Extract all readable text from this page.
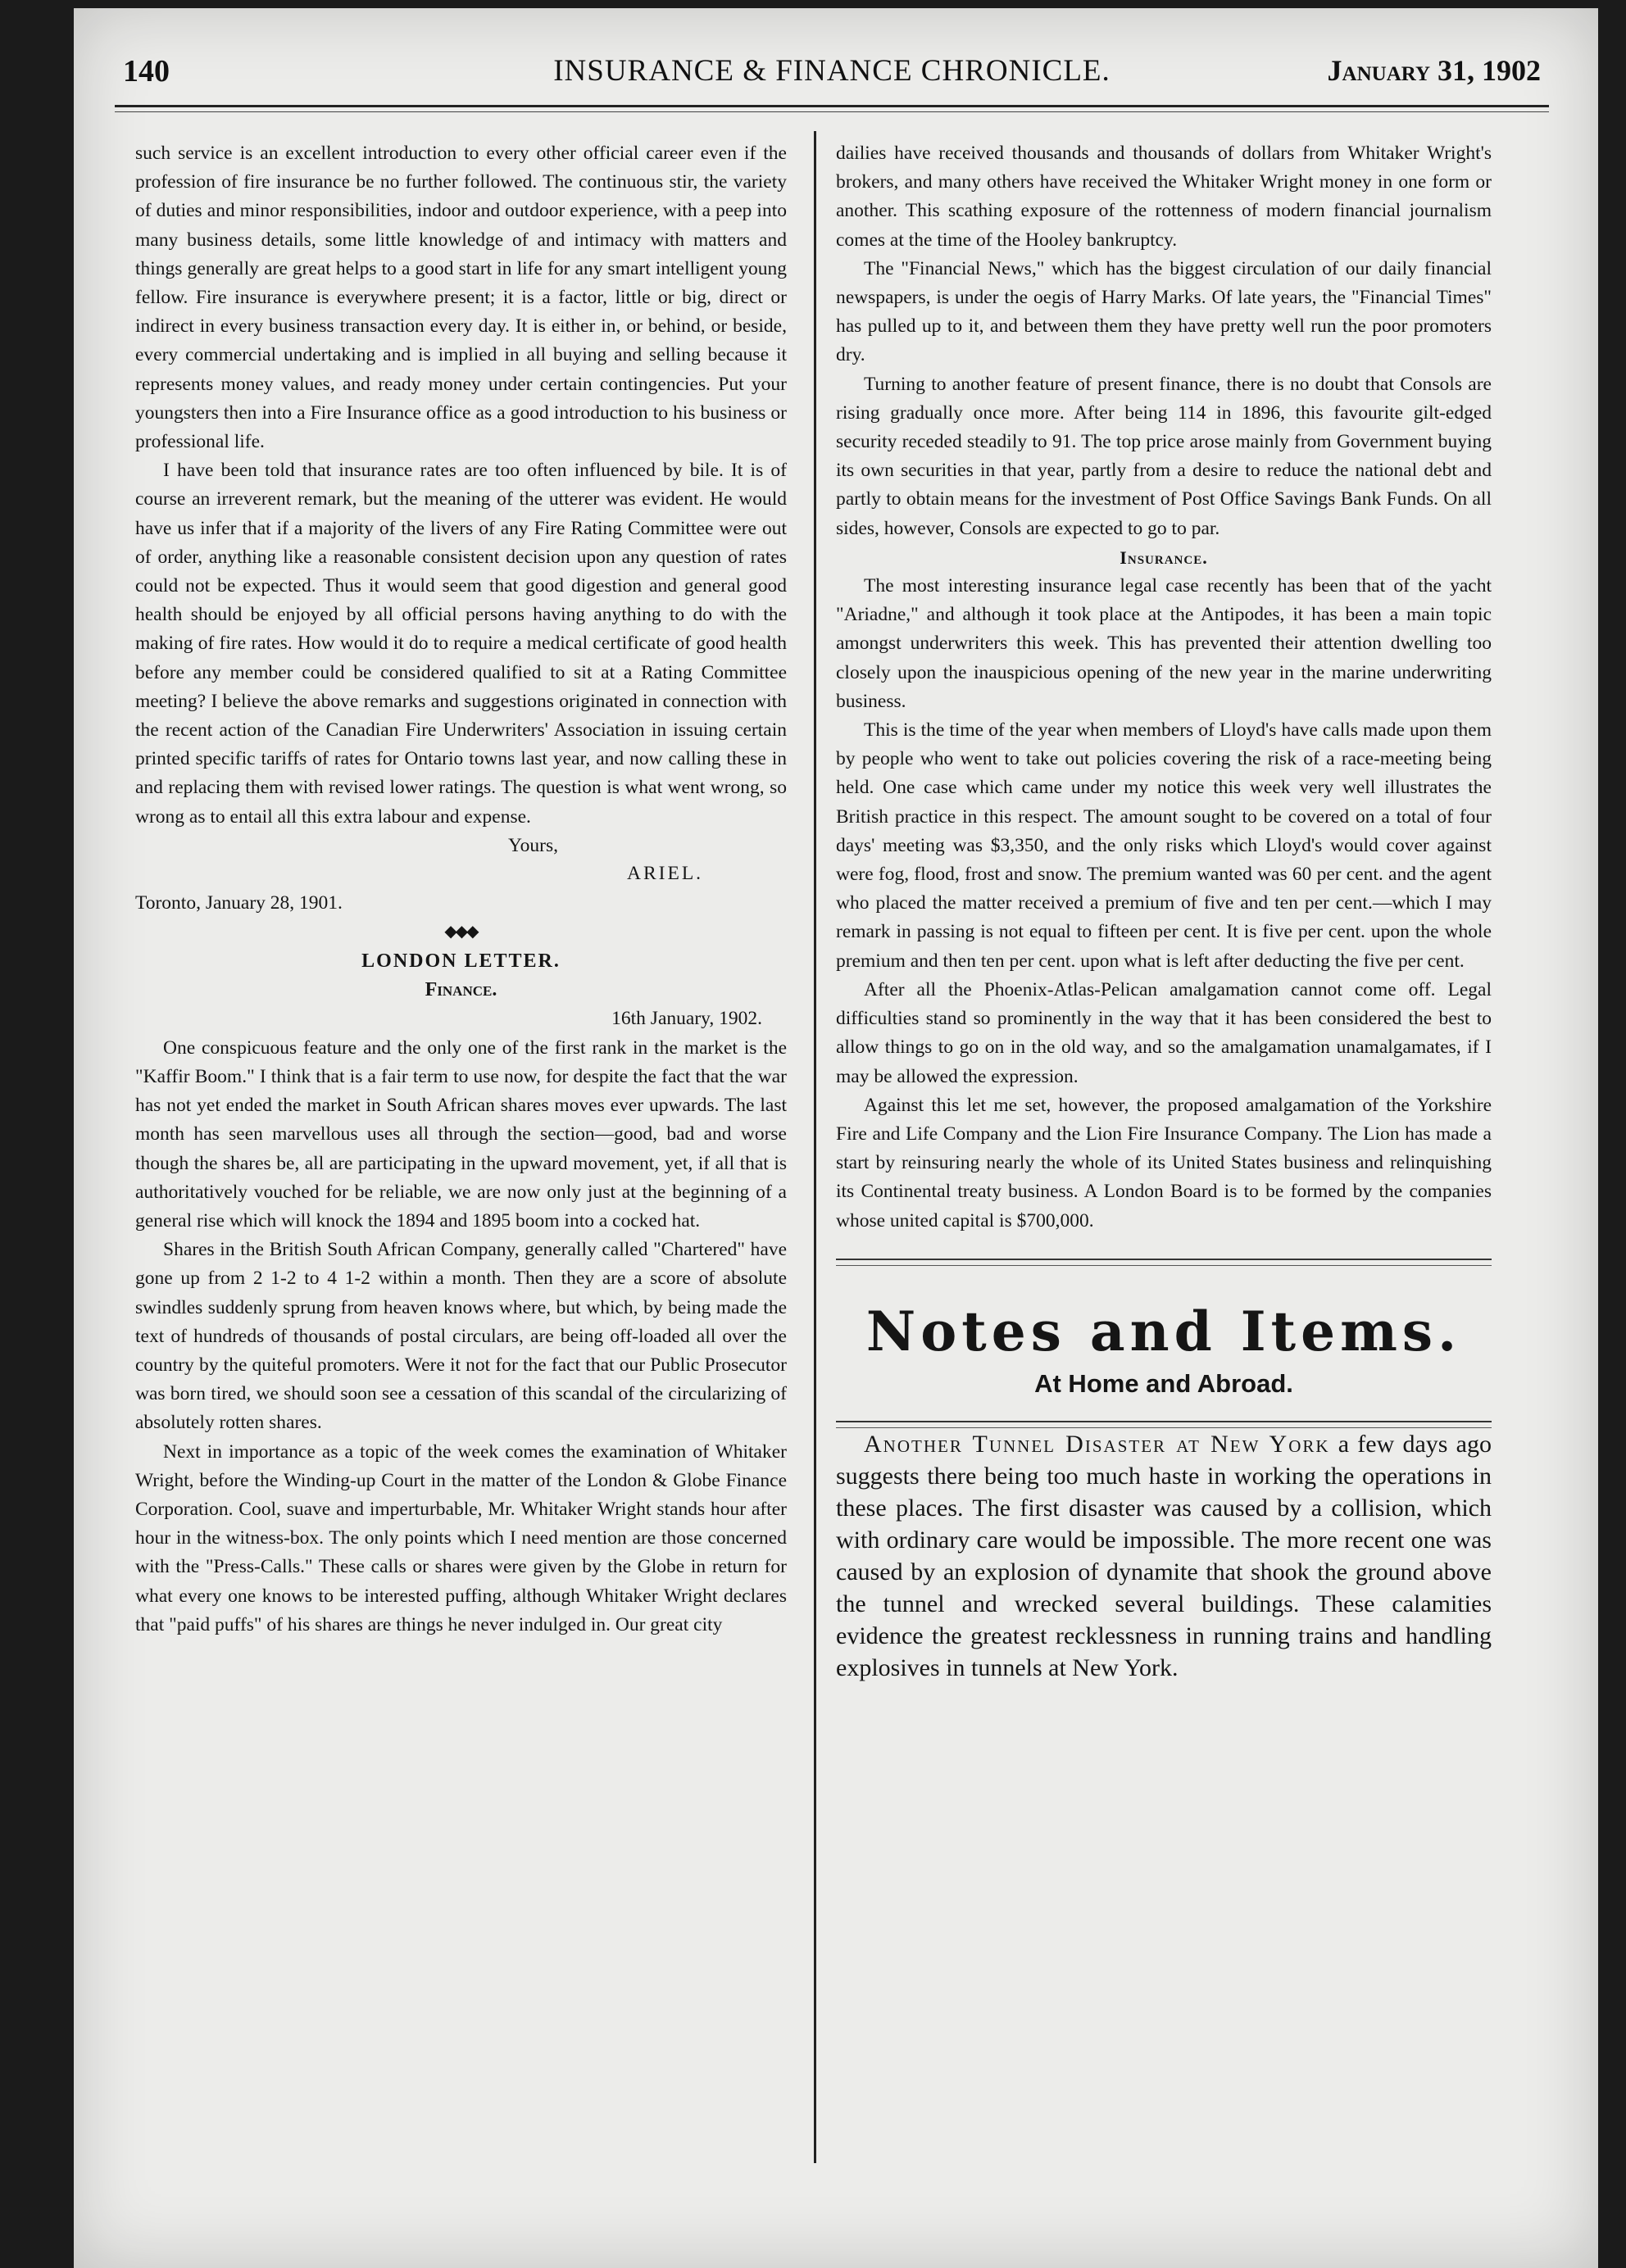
140	INSURANCE & FINANCE CHRONICLE.	January 31, 1902

such service is an excellent introduction to every other official career even if the profession of fire insurance be no further followed. The continuous stir, the variety of duties and minor responsibilities, indoor and outdoor experience, with a peep into many business details, some little knowledge of and intimacy with matters and things generally are great helps to a good start in life for any smart intelligent young fellow. Fire insurance is everywhere present; it is a factor, little or big, direct or indirect in every business transaction every day. It is either in, or behind, or beside, every commercial undertaking and is implied in all buying and selling because it represents money values, and ready money under certain contingencies. Put your youngsters then into a Fire Insurance office as a good introduction to his business or professional life.

I have been told that insurance rates are too often influenced by bile. It is of course an irreverent remark, but the meaning of the utterer was evident. He would have us infer that if a majority of the livers of any Fire Rating Committee were out of order, anything like a reasonable consistent decision upon any question of rates could not be expected. Thus it would seem that good digestion and general good health should be enjoyed by all official persons having anything to do with the making of fire rates. How would it do to require a medical certificate of good health before any member could be considered qualified to sit at a Rating Committee meeting? I believe the above remarks and suggestions originated in connection with the recent action of the Canadian Fire Underwriters' Association in issuing certain printed specific tariffs of rates for Ontario towns last year, and now calling these in and replacing them with revised lower ratings. The question is what went wrong, so wrong as to entail all this extra labour and expense.

Yours,
ARIEL.

Toronto, January 28, 1901.

◆◆◆
LONDON LETTER.
Finance.
16th January, 1902.

One conspicuous feature and the only one of the first rank in the market is the "Kaffir Boom." I think that is a fair term to use now, for despite the fact that the war has not yet ended the market in South African shares moves ever upwards. The last month has seen marvellous uses all through the section—good, bad and worse though the shares be, all are participating in the upward movement, yet, if all that is authoritatively vouched for be reliable, we are now only just at the beginning of a general rise which will knock the 1894 and 1895 boom into a cocked hat.

Shares in the British South African Company, generally called "Chartered" have gone up from 2 1-2 to 4 1-2 within a month. Then they are a score of absolute swindles suddenly sprung from heaven knows where, but which, by being made the text of hundreds of thousands of postal circulars, are being off-loaded all over the country by the quiteful promoters. Were it not for the fact that our Public Prosecutor was born tired, we should soon see a cessation of this scandal of the circularizing of absolutely rotten shares.

Next in importance as a topic of the week comes the examination of Whitaker Wright, before the Winding-up Court in the matter of the London & Globe Finance Corporation. Cool, suave and imperturbable, Mr. Whitaker Wright stands hour after hour in the witness-box. The only points which I need mention are those concerned with the "Press-Calls." These calls or shares were given by the Globe in return for what every one knows to be interested puffing, although Whitaker Wright declares that "paid puffs" of his shares are things he never indulged in. Our great city

dailies have received thousands and thousands of dollars from Whitaker Wright's brokers, and many others have received the Whitaker Wright money in one form or another. This scathing exposure of the rottenness of modern financial journalism comes at the time of the Hooley bankruptcy.

The "Financial News," which has the biggest circulation of our daily financial newspapers, is under the oegis of Harry Marks. Of late years, the "Financial Times" has pulled up to it, and between them they have pretty well run the poor promoters dry.

Turning to another feature of present finance, there is no doubt that Consols are rising gradually once more. After being 114 in 1896, this favourite gilt-edged security receded steadily to 91. The top price arose mainly from Government buying its own securities in that year, partly from a desire to reduce the national debt and partly to obtain means for the investment of Post Office Savings Bank Funds. On all sides, however, Consols are expected to go to par.

Insurance.

The most interesting insurance legal case recently has been that of the yacht "Ariadne," and although it took place at the Antipodes, it has been a main topic amongst underwriters this week. This has prevented their attention dwelling too closely upon the inauspicious opening of the new year in the marine underwriting business.

This is the time of the year when members of Lloyd's have calls made upon them by people who went to take out policies covering the risk of a race-meeting being held. One case which came under my notice this week very well illustrates the British practice in this respect. The amount sought to be covered on a total of four days' meeting was $3,350, and the only risks which Lloyd's would cover against were fog, flood, frost and snow. The premium wanted was 60 per cent. and the agent who placed the matter received a premium of five and ten per cent.—which I may remark in passing is not equal to fifteen per cent. It is five per cent. upon the whole premium and then ten per cent. upon what is left after deducting the five per cent.

After all the Phoenix-Atlas-Pelican amalgamation cannot come off. Legal difficulties stand so prominently in the way that it has been considered the best to allow things to go on in the old way, and so the amalgamation unamalgamates, if I may be allowed the expression.

Against this let me set, however, the proposed amalgamation of the Yorkshire Fire and Life Company and the Lion Fire Insurance Company. The Lion has made a start by reinsuring nearly the whole of its United States business and relinquishing its Continental treaty business. A London Board is to be formed by the companies whose united capital is $700,000.

Notes and Items.
At Home and Abroad.

Another Tunnel Disaster at New York a few days ago suggests there being too much haste in working the operations in these places. The first disaster was caused by a collision, which with ordinary care would be impossible. The more recent one was caused by an explosion of dynamite that shook the ground above the tunnel and wrecked several buildings. These calamities evidence the greatest recklessness in running trains and handling explosives in tunnels at New York.
